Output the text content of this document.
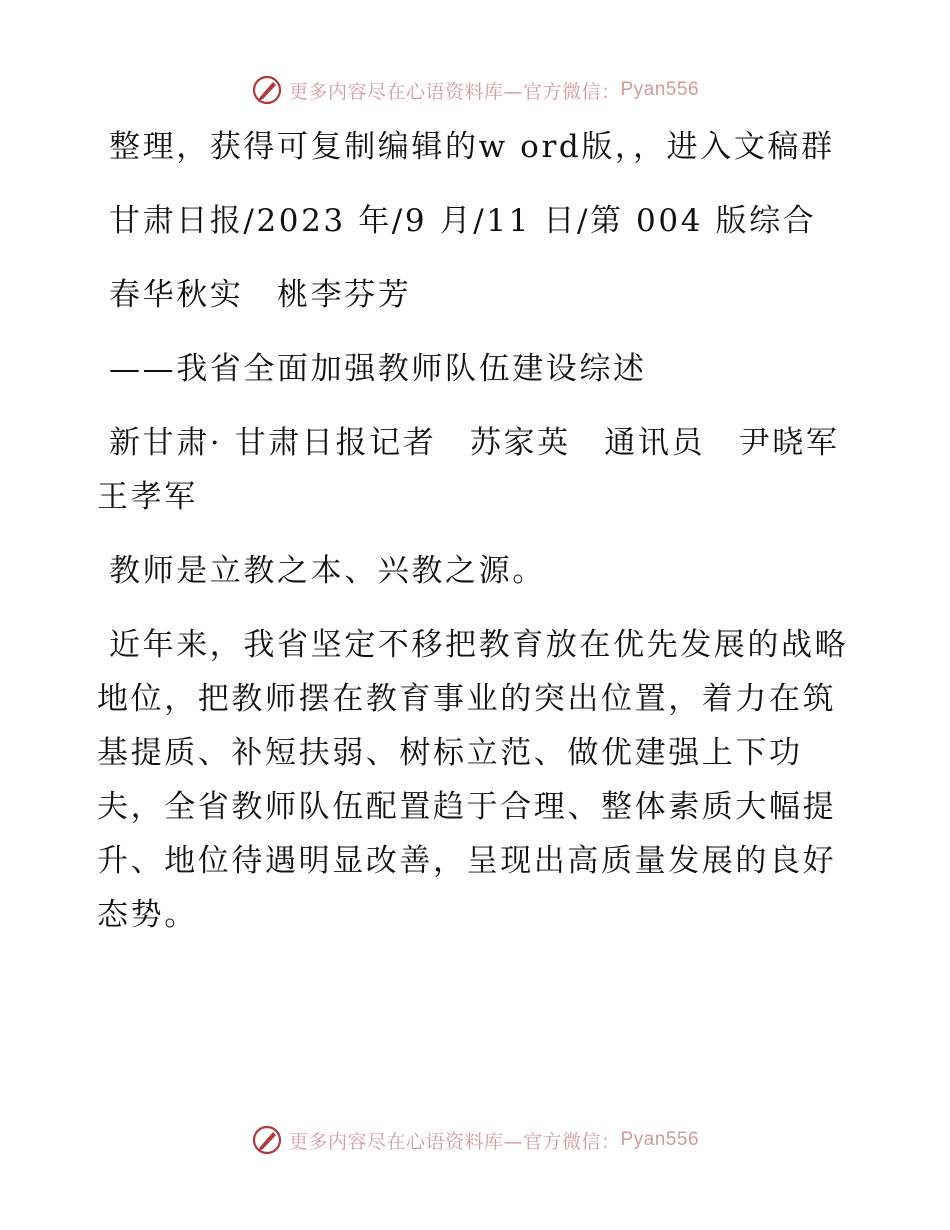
更多内容尽在心语资料库—官方微信： Pyan556

整理，获得可复制编辑的w ord版，，进入文稿群

甘肃日报/2023 年/9 月/11 日/第 004 版综合

春华秋实　桃李芬芳

——我省全面加强教师队伍建设综述

新甘肃· 甘肃日报记者　苏家英　通讯员　尹晓军　王孝军

教师是立教之本、兴教之源。

近年来，我省坚定不移把教育放在优先发展的战略地位，把教师摆在教育事业的突出位置，着力在筑基提质、补短扶弱、树标立范、做优建强上下功夫，全省教师队伍配置趋于合理、整体素质大幅提升、地位待遇明显改善，呈现出高质量发展的良好态势。

更多内容尽在心语资料库—官方微信： Pyan556
